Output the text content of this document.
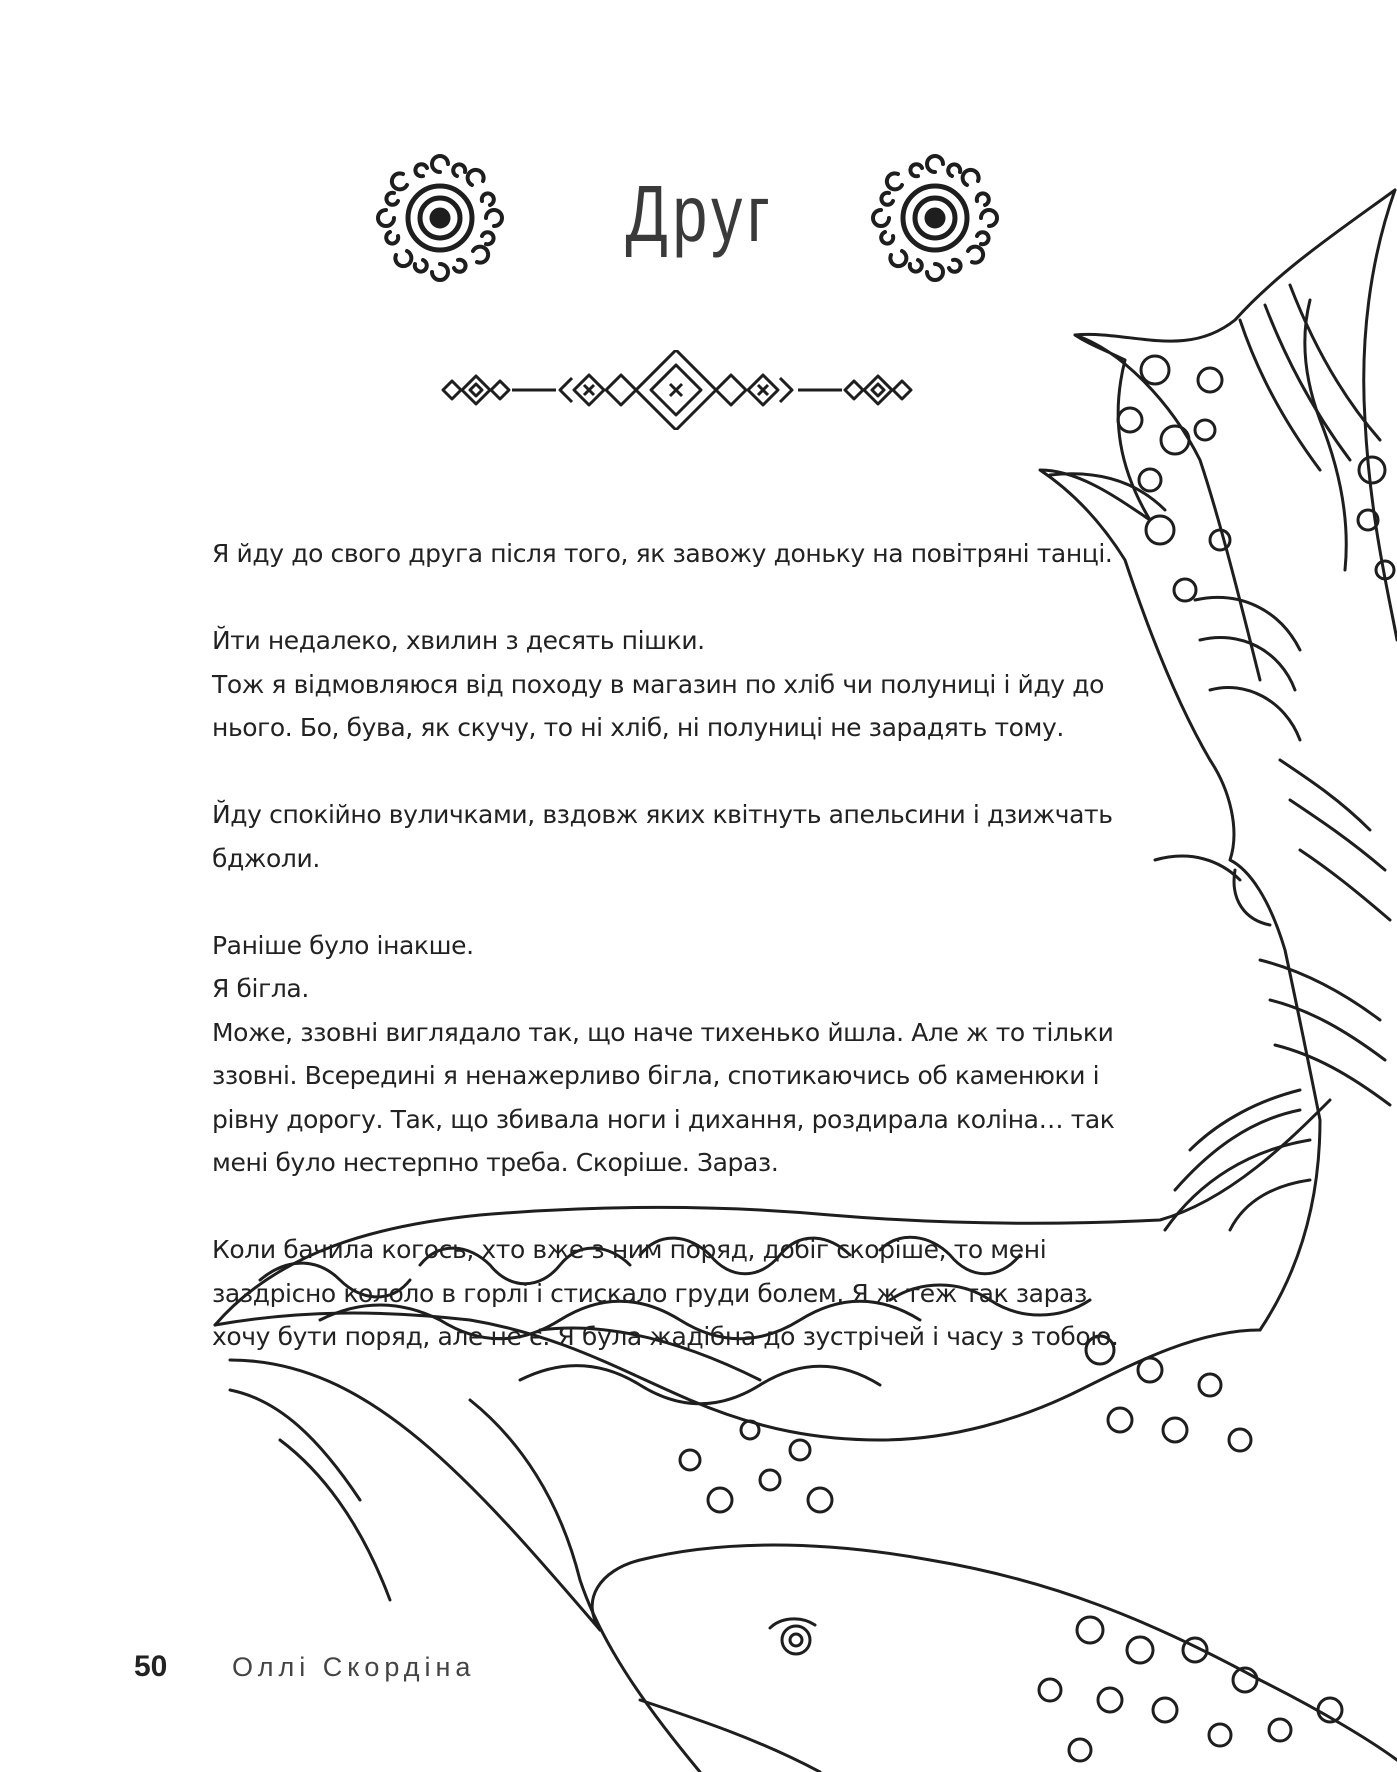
Друг

Я йду до свого друга після того, як завожу доньку на повітряні танці.

Йти недалеко, хвилин з десять пішки.
Тож я відмовляюся від походу в магазин по хліб чи полуниці і йду до
нього. Бо, бува, як скучу, то ні хліб, ні полуниці не зарадять тому.

Йду спокійно вуличками, вздовж яких квітнуть апельсини і дзижчать
бджоли.

Раніше було інакше.
Я бігла.
Може, ззовні виглядало так, що наче тихенько йшла. Але ж то тільки
ззовні. Всередині я ненажерливо бігла, спотикаючись об каменюки і
рівну дорогу. Так, що збивала ноги і дихання, роздирала коліна… так
мені було нестерпно треба. Скоріше. Зараз.

Коли бачила когось, хто вже з ним поряд, добіг скоріше, то мені
заздрісно кололо в горлі і стискало груди болем. Я ж теж так зараз
хочу бути поряд, але не є. Я була жадібна до зустрічей і часу з тобою.

50 Оллі Скордіна
